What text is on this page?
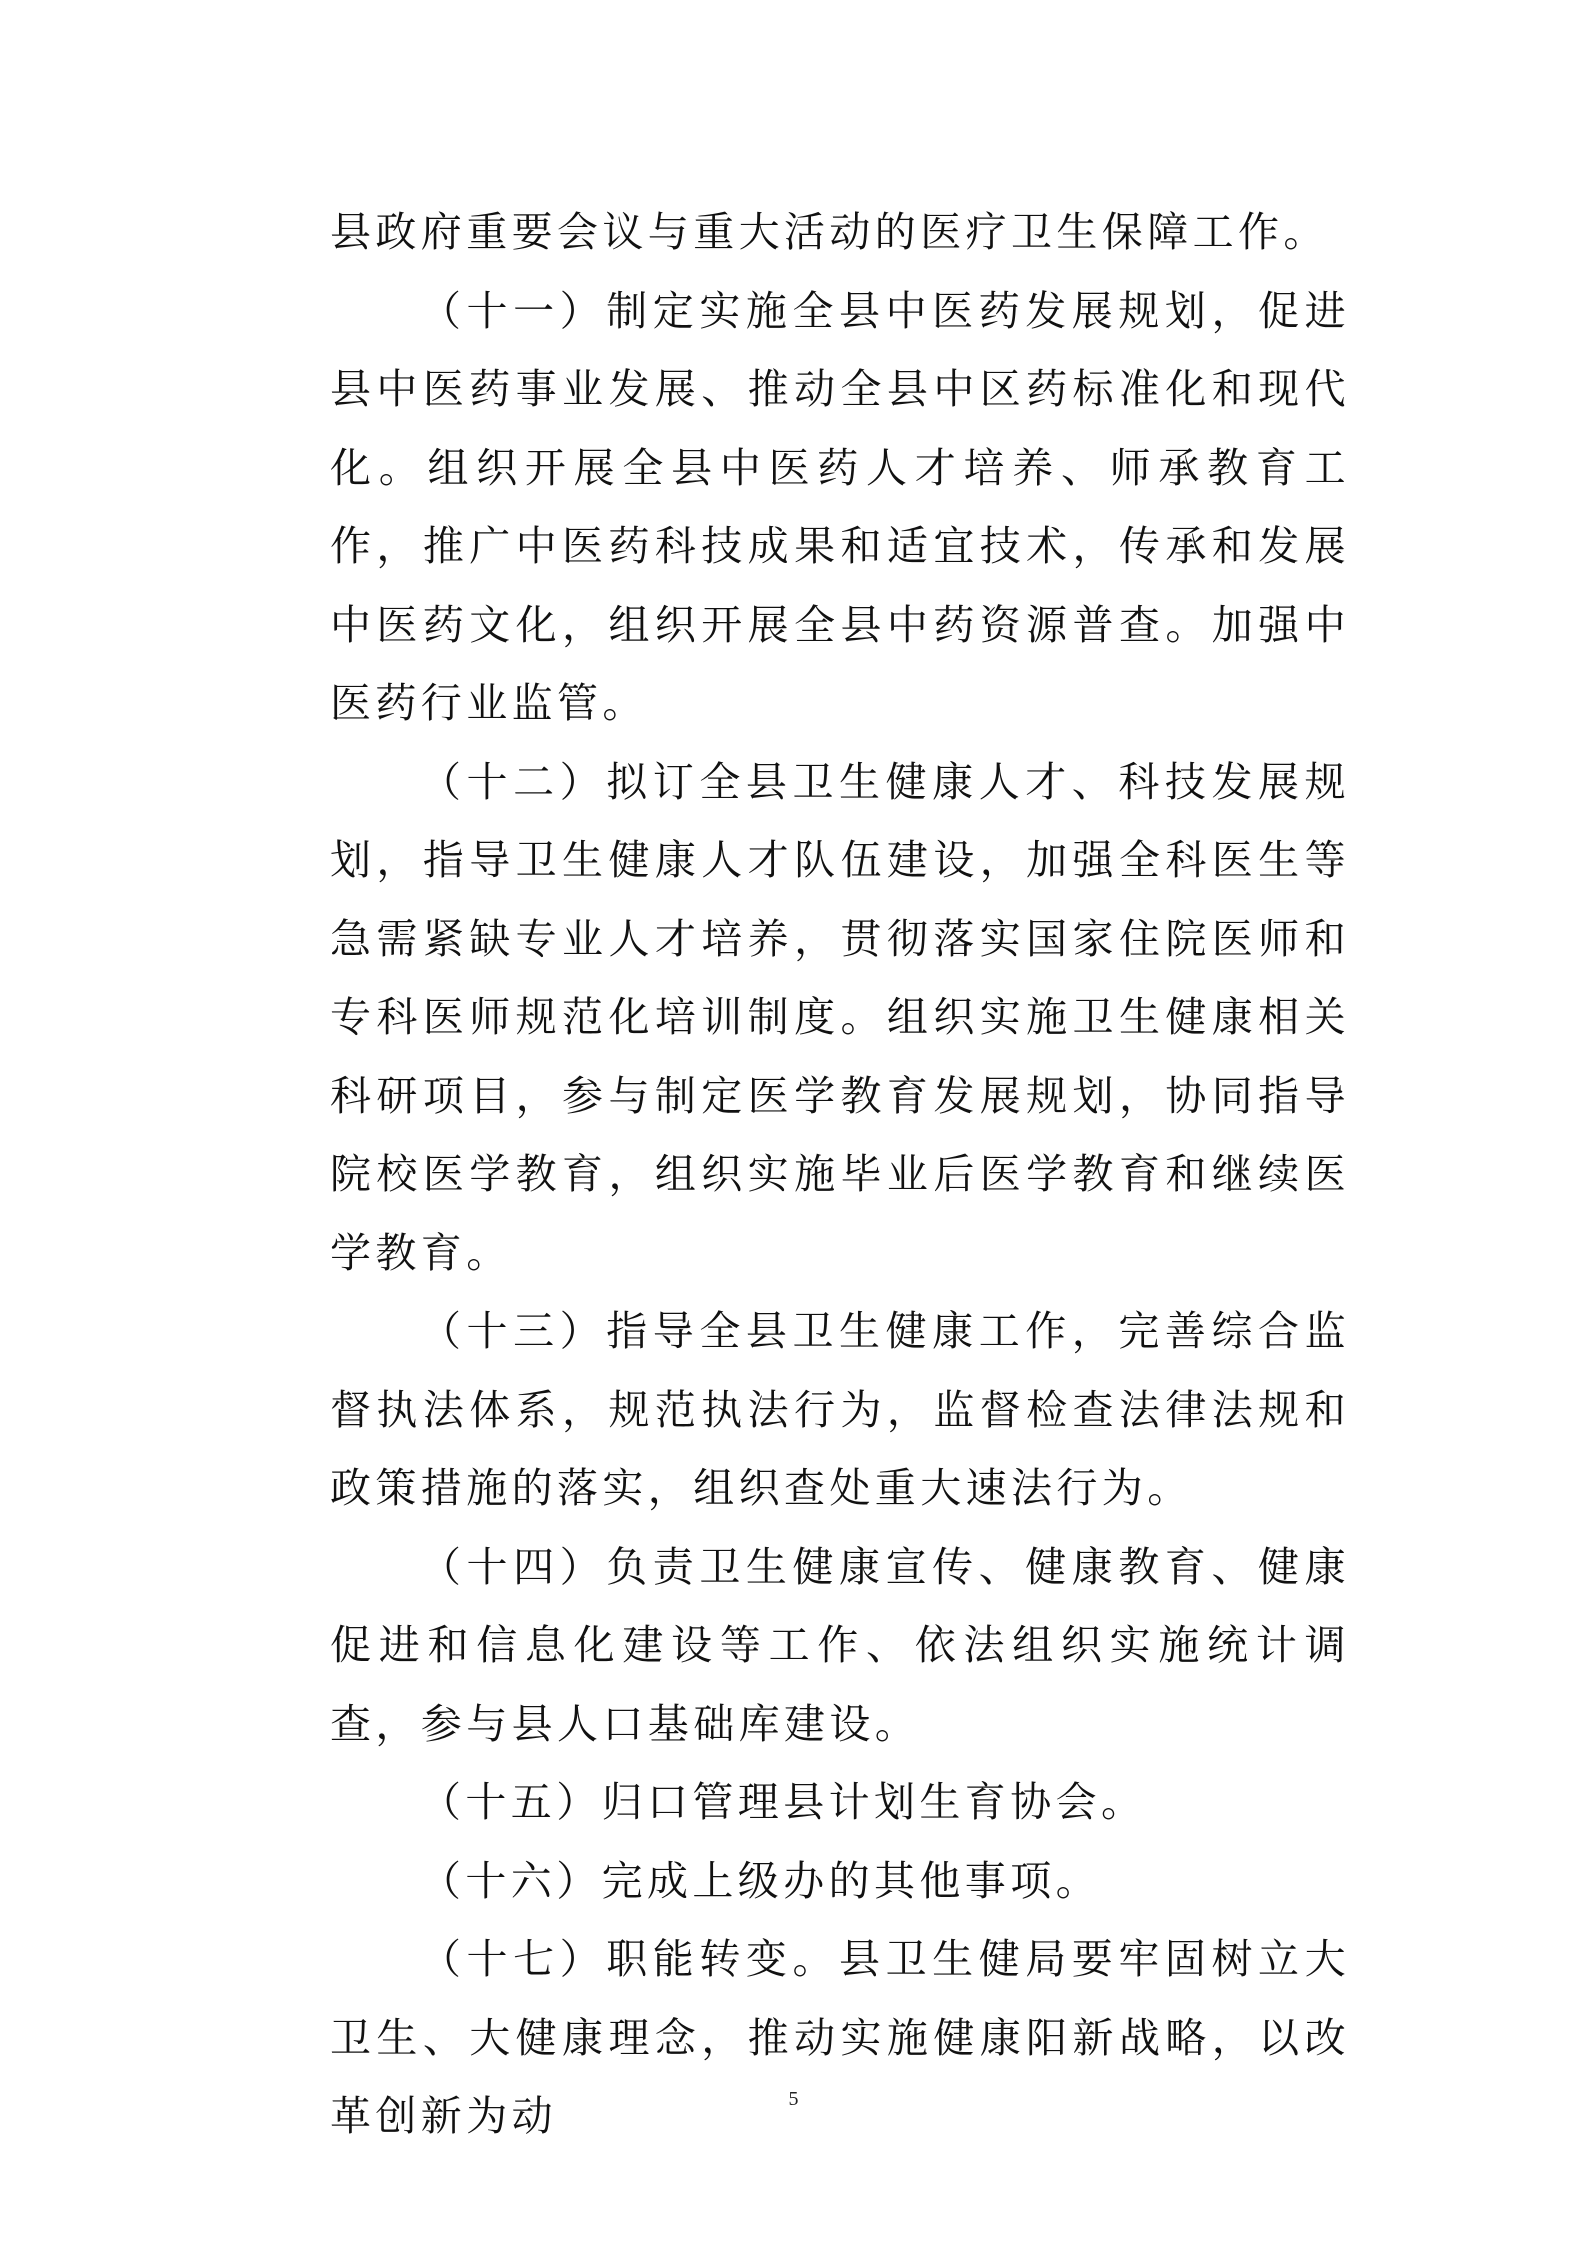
县政府重要会议与重大活动的医疗卫生保障工作。

（十一）制定实施全县中医药发展规划，促进县中医药事业发展、推动全县中区药标准化和现代化。组织开展全县中医药人才培养、师承教育工作，推广中医药科技成果和适宜技术，传承和发展中医药文化，组织开展全县中药资源普查。加强中医药行业监管。

（十二）拟订全县卫生健康人才、科技发展规划，指导卫生健康人才队伍建设，加强全科医生等急需紧缺专业人才培养，贯彻落实国家住院医师和专科医师规范化培训制度。组织实施卫生健康相关科研项目，参与制定医学教育发展规划，协同指导院校医学教育，组织实施毕业后医学教育和继续医学教育。

（十三）指导全县卫生健康工作，完善综合监督执法体系，规范执法行为，监督检查法律法规和政策措施的落实，组织查处重大速法行为。

（十四）负责卫生健康宣传、健康教育、健康促进和信息化建设等工作、依法组织实施统计调查，参与县人口基础库建设。

（十五）归口管理县计划生育协会。

（十六）完成上级办的其他事项。

（十七）职能转变。县卫生健局要牢固树立大卫生、大健康理念，推动实施健康阳新战略，以改革创新为动	5
